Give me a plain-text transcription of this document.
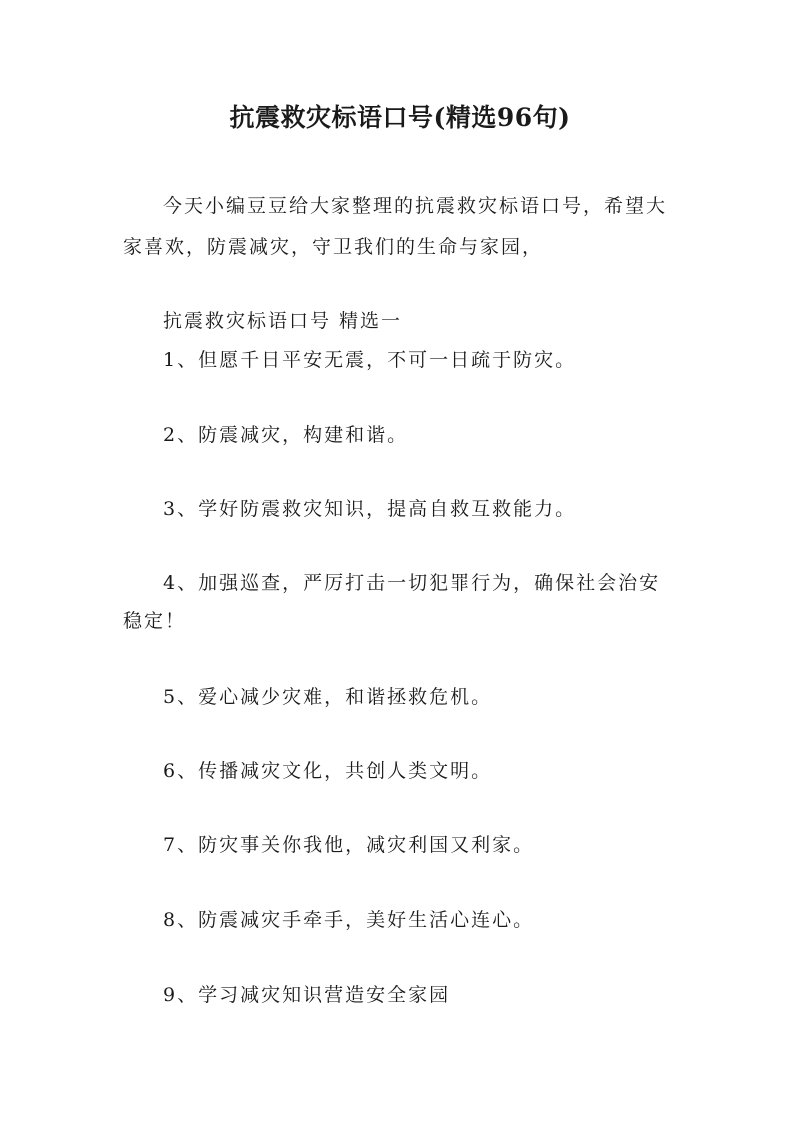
抗震救灾标语口号(精选96句)
今天小编豆豆给大家整理的抗震救灾标语口号，希望大
家喜欢，防震减灾，守卫我们的生命与家园，
抗震救灾标语口号 精选一
1、但愿千日平安无震，不可一日疏于防灾。
2、防震减灾，构建和谐。
3、学好防震救灾知识，提高自救互救能力。
4、加强巡查，严厉打击一切犯罪行为，确保社会治安
稳定！
5、爱心减少灾难，和谐拯救危机。
6、传播减灾文化，共创人类文明。
7、防灾事关你我他，减灾利国又利家。
8、防震减灾手牵手，美好生活心连心。
9、学习减灾知识营造安全家园
